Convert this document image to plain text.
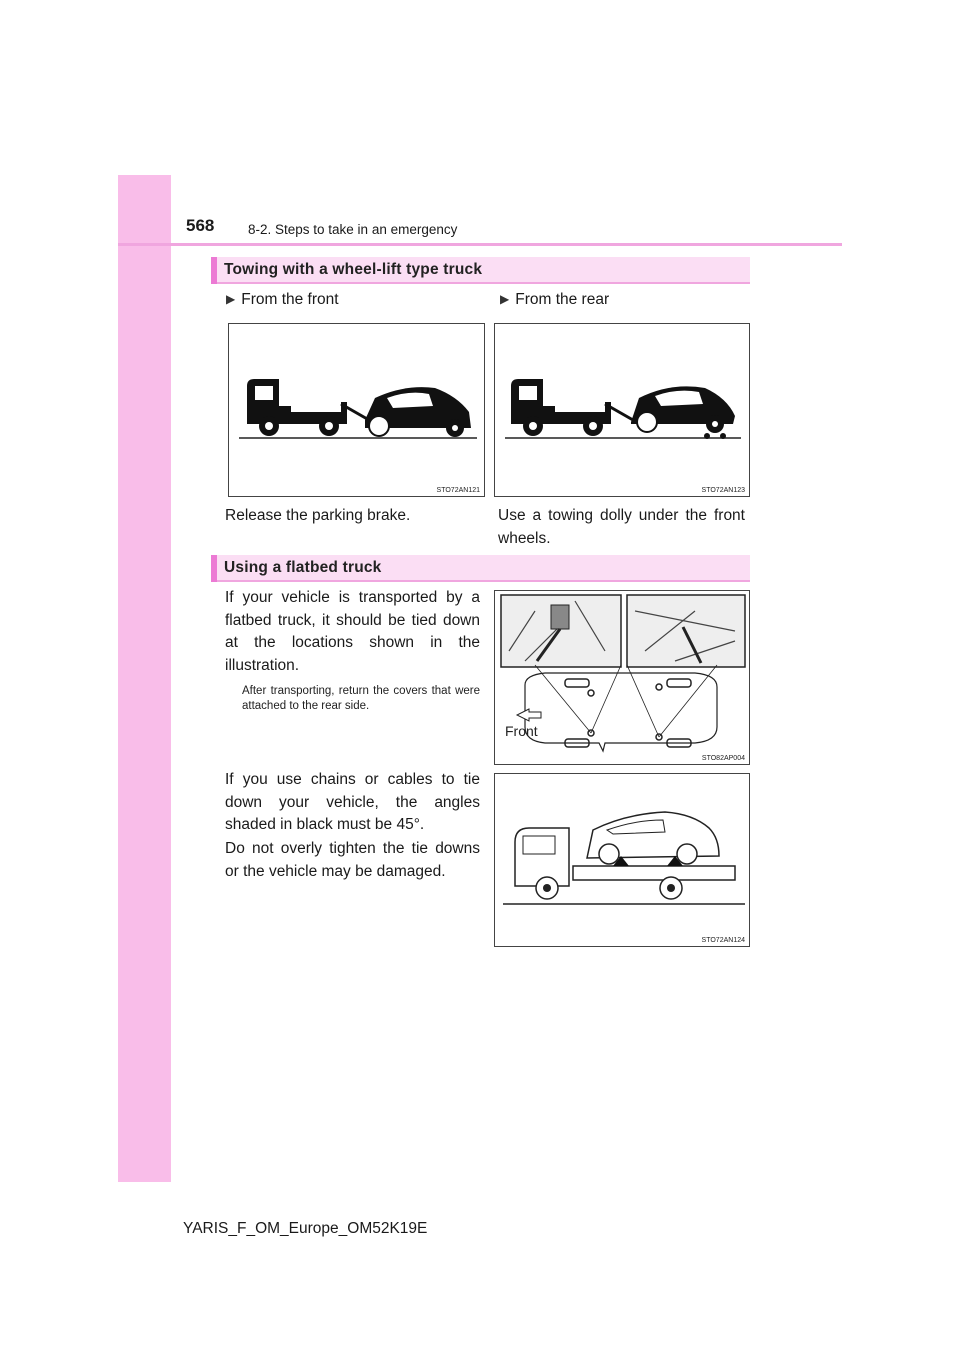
568 8-2. Steps to take in an emergency
Towing with a wheel-lift type truck
▶ From the front	▶ From the rear
STO72AN121	STO72AN123
Release the parking brake.	Use a towing dolly under the front wheels.
Using a flatbed truck
If your vehicle is transported by a flatbed truck, it should be tied down at the locations shown in the illustration.
After transporting, return the covers that were attached to the rear side.
If you use chains or cables to tie down your vehicle, the angles shaded in black must be 45°.
Do not overly tighten the tie downs or the vehicle may be damaged.
Front
STO82AP004
STO72AN124
YARIS_F_OM_Europe_OM52K19E
